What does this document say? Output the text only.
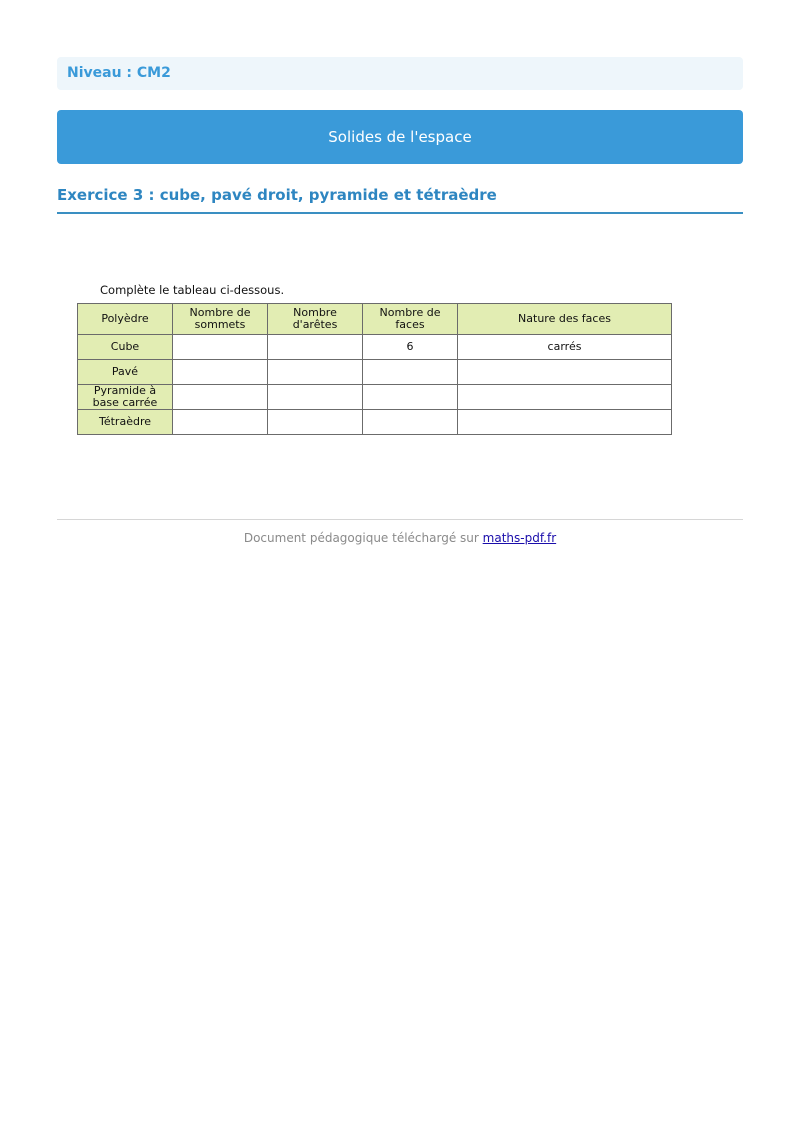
Niveau : CM2
Solides de l'espace
Exercice 3 : cube, pavé droit, pyramide et tétraèdre
Complète le tableau ci-dessous.
Polyèdre	Nombre de sommets	Nombre d'arêtes	Nombre de faces	Nature des faces
Cube			6	carrés
Pavé				
Pyramide à base carrée				
Tétraèdre				
Document pédagogique téléchargé sur maths-pdf.fr
